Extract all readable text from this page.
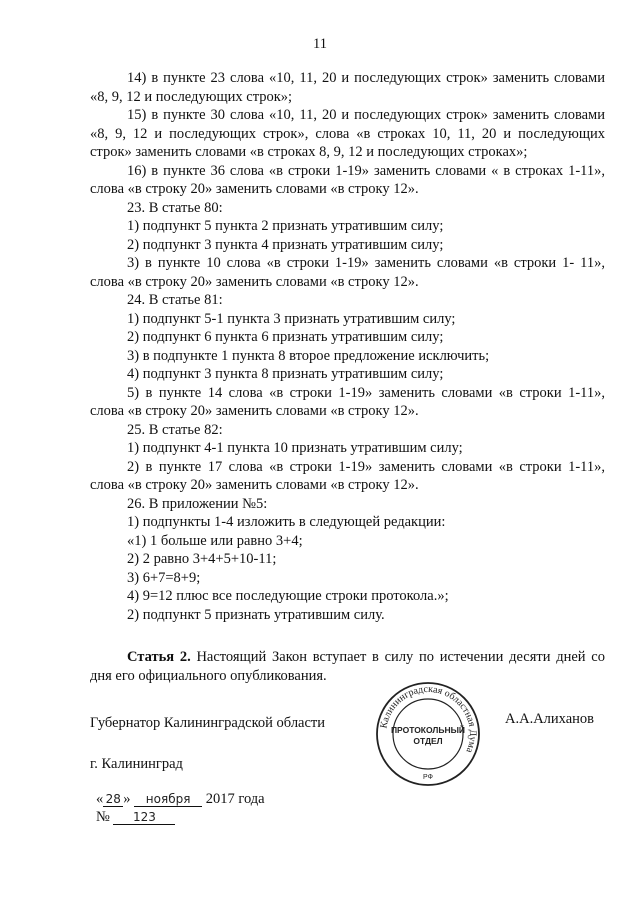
11

14) в пункте 23 слова «10, 11, 20 и последующих строк» заменить словами «8, 9, 12 и последующих строк»;

15) в пункте 30 слова «10, 11, 20 и последующих строк» заменить словами «8, 9, 12 и последующих строк», слова «в строках 10, 11, 20 и последующих строк» заменить словами «в строках 8, 9, 12 и последующих строках»;

16) в пункте 36 слова «в строки 1-19» заменить словами « в строках 1-11», слова «в строку 20» заменить словами «в строку 12».

23. В статье 80:

1) подпункт 5 пункта 2 признать утратившим силу;

2) подпункт 3 пункта 4 признать утратившим силу;

3) в пункте 10 слова «в строки 1-19» заменить словами «в строки 1- 11», слова «в строку 20» заменить словами «в строку 12».

24. В статье 81:

1) подпункт 5-1 пункта 3 признать утратившим силу;

2) подпункт 6 пункта 6 признать утратившим силу;

3) в подпункте 1 пункта 8 второе предложение исключить;

4) подпункт 3 пункта 8 признать утратившим силу;

5) в пункте 14 слова «в строки 1-19» заменить словами «в строки 1-11», слова «в строку 20» заменить словами «в строку 12».

25. В статье 82:

1) подпункт 4-1 пункта 10 признать утратившим силу;

2) в пункте 17 слова «в строки 1-19» заменить словами «в строки 1-11», слова «в строку 20» заменить словами «в строку 12».

26. В приложении №5:

1) подпункты 1-4 изложить в следующей редакции:

«1) 1 больше или равно 3+4;

2) 2 равно 3+4+5+10-11;

3) 6+7=8+9;

4) 9=12 плюс все последующие строки протокола.»;

2) подпункт 5 признать утратившим силу.

Статья 2. Настоящий Закон вступает в силу по истечении десяти дней со дня его официального опубликования.

Губернатор Калининградской области	А.А.Алиханов
г. Калининград
« 28 » ноября 2017 года
№ 123
Калининградская областная Дума
ПРОТОКОЛЬНЫЙ
ОТДЕЛ
РФ
